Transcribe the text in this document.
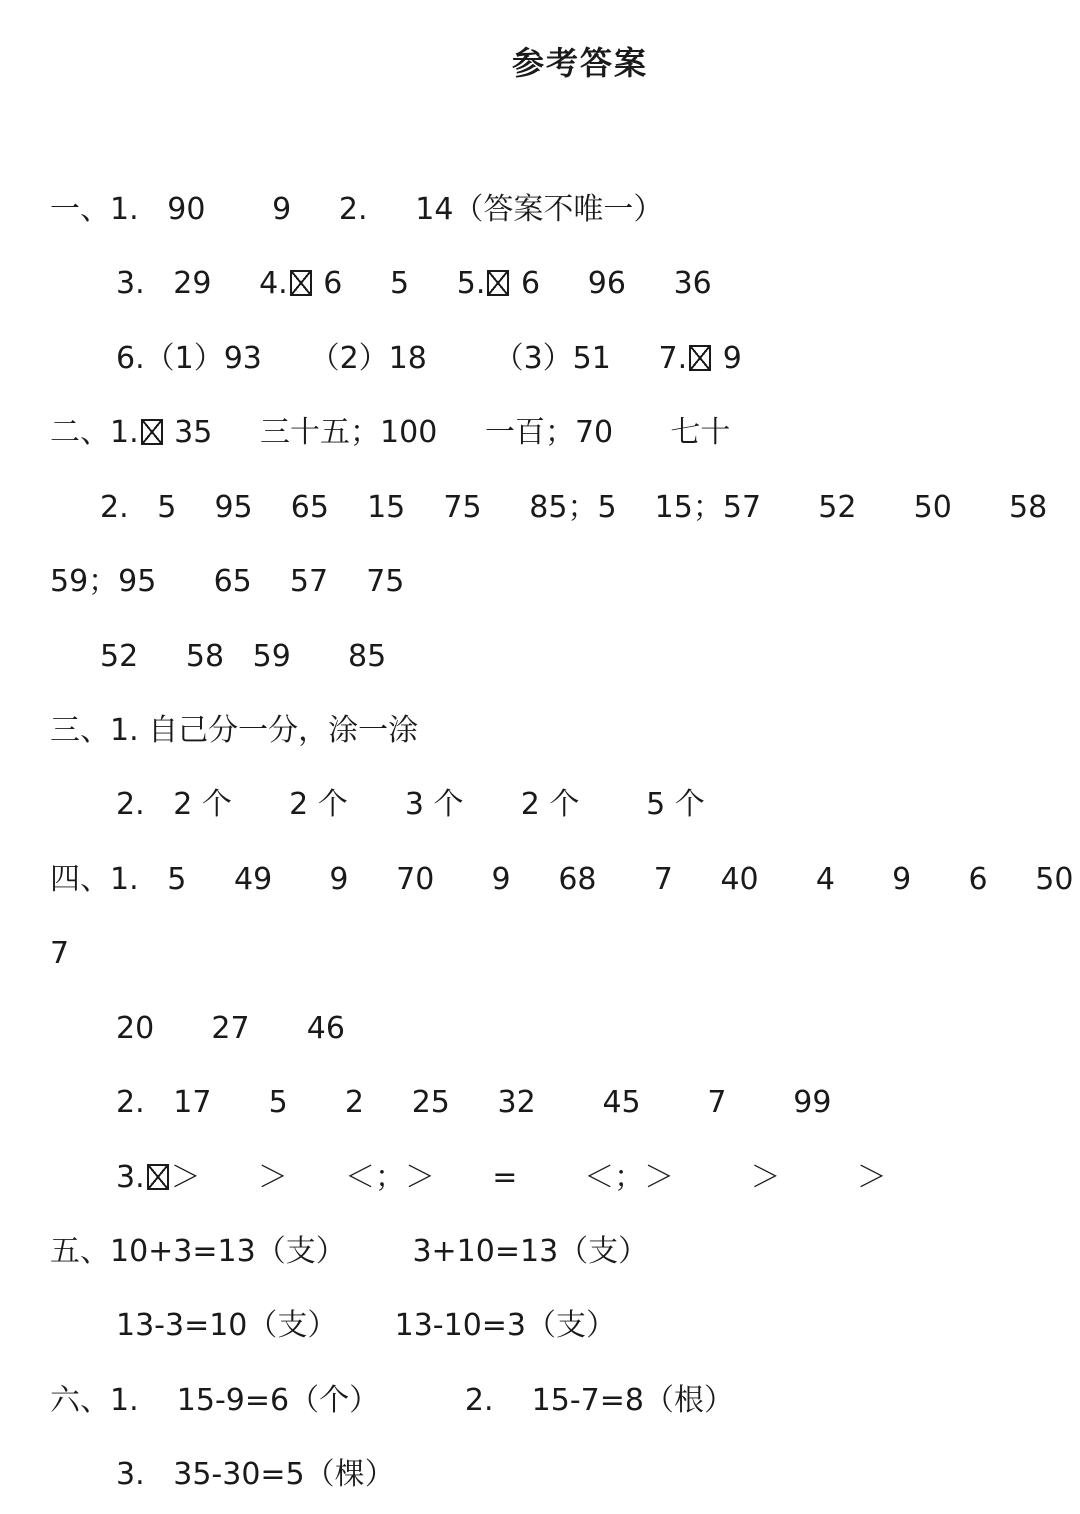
参考答案
一、1.   90       9     2.     14（答案不唯一）
3.   29     4. ☒ 6     5     5. ☒ 6     96     36
6.（1）93     （2）18       （3）51     7. ☒ 9
二、1. ☒ 35     三十五；100     一百；70      七十
2.   5    95    65    15    75     85；5    15；57      52      50      58
59；95      65    57    75
52     58   59      85
三、1. 自己分一分，涂一涂
2.   2 个      2 个      3 个      2 个       5 个
四、1.   5     49      9     70      9     68      7     40      4      9      6     50
7
20      27      46
2.   17      5      2     25     32       45       7       99
3. ☒ ＞      ＞      ＜；＞      =       ＜；＞        ＞        ＞
五、10+3=13（支）       3+10=13（支）
13-3=10（支）      13-10=3（支）
六、1.    15-9=6（个）         2.    15-7=8（根）
3.   35-30=5（棵）
